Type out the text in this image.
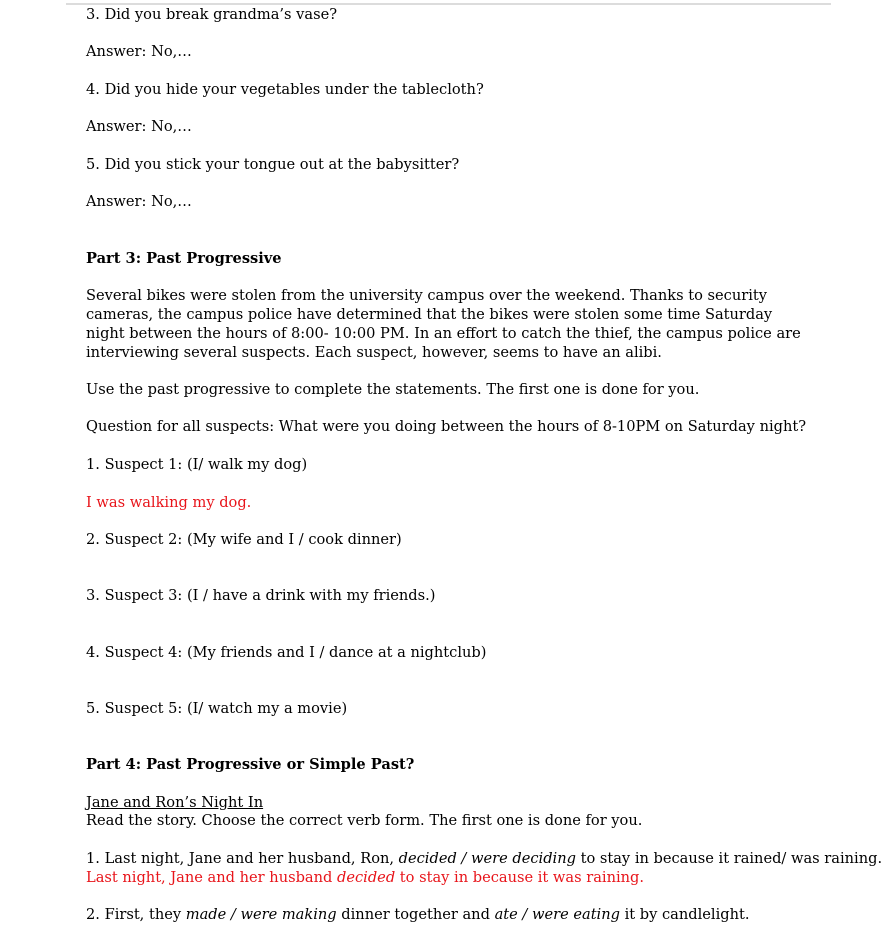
3. Did you break grandma’s vase?
Answer: No,…
4. Did you hide your vegetables under the tablecloth?
Answer: No,…
5. Did you stick your tongue out at the babysitter?
Answer: No,…
Part 3: Past Progressive
Several bikes were stolen from the university campus over the weekend. Thanks to security cameras, the campus police have determined that the bikes were stolen some time Saturday night between the hours of 8:00- 10:00 PM. In an effort to catch the thief, the campus police are interviewing several suspects. Each suspect, however, seems to have an alibi.
Use the past progressive to complete the statements. The first one is done for you.
Question for all suspects: What were you doing between the hours of 8-10PM on Saturday night?
1. Suspect 1: (I/ walk my dog)
I was walking my dog.
2. Suspect 2: (My wife and I / cook dinner)
3. Suspect 3: (I / have a drink with my friends.)
4. Suspect 4: (My friends and I / dance at a nightclub)
5. Suspect 5: (I/ watch my a movie)
Part 4: Past Progressive or Simple Past?
Jane and Ron’s Night In
Read the story. Choose the correct verb form. The first one is done for you.
1. Last night, Jane and her husband, Ron, decided / were deciding to stay in because it rained/ was raining.
Last night, Jane and her husband decided to stay in because it was raining.
2. First, they made / were making dinner together and ate / were eating it by candlelight.
